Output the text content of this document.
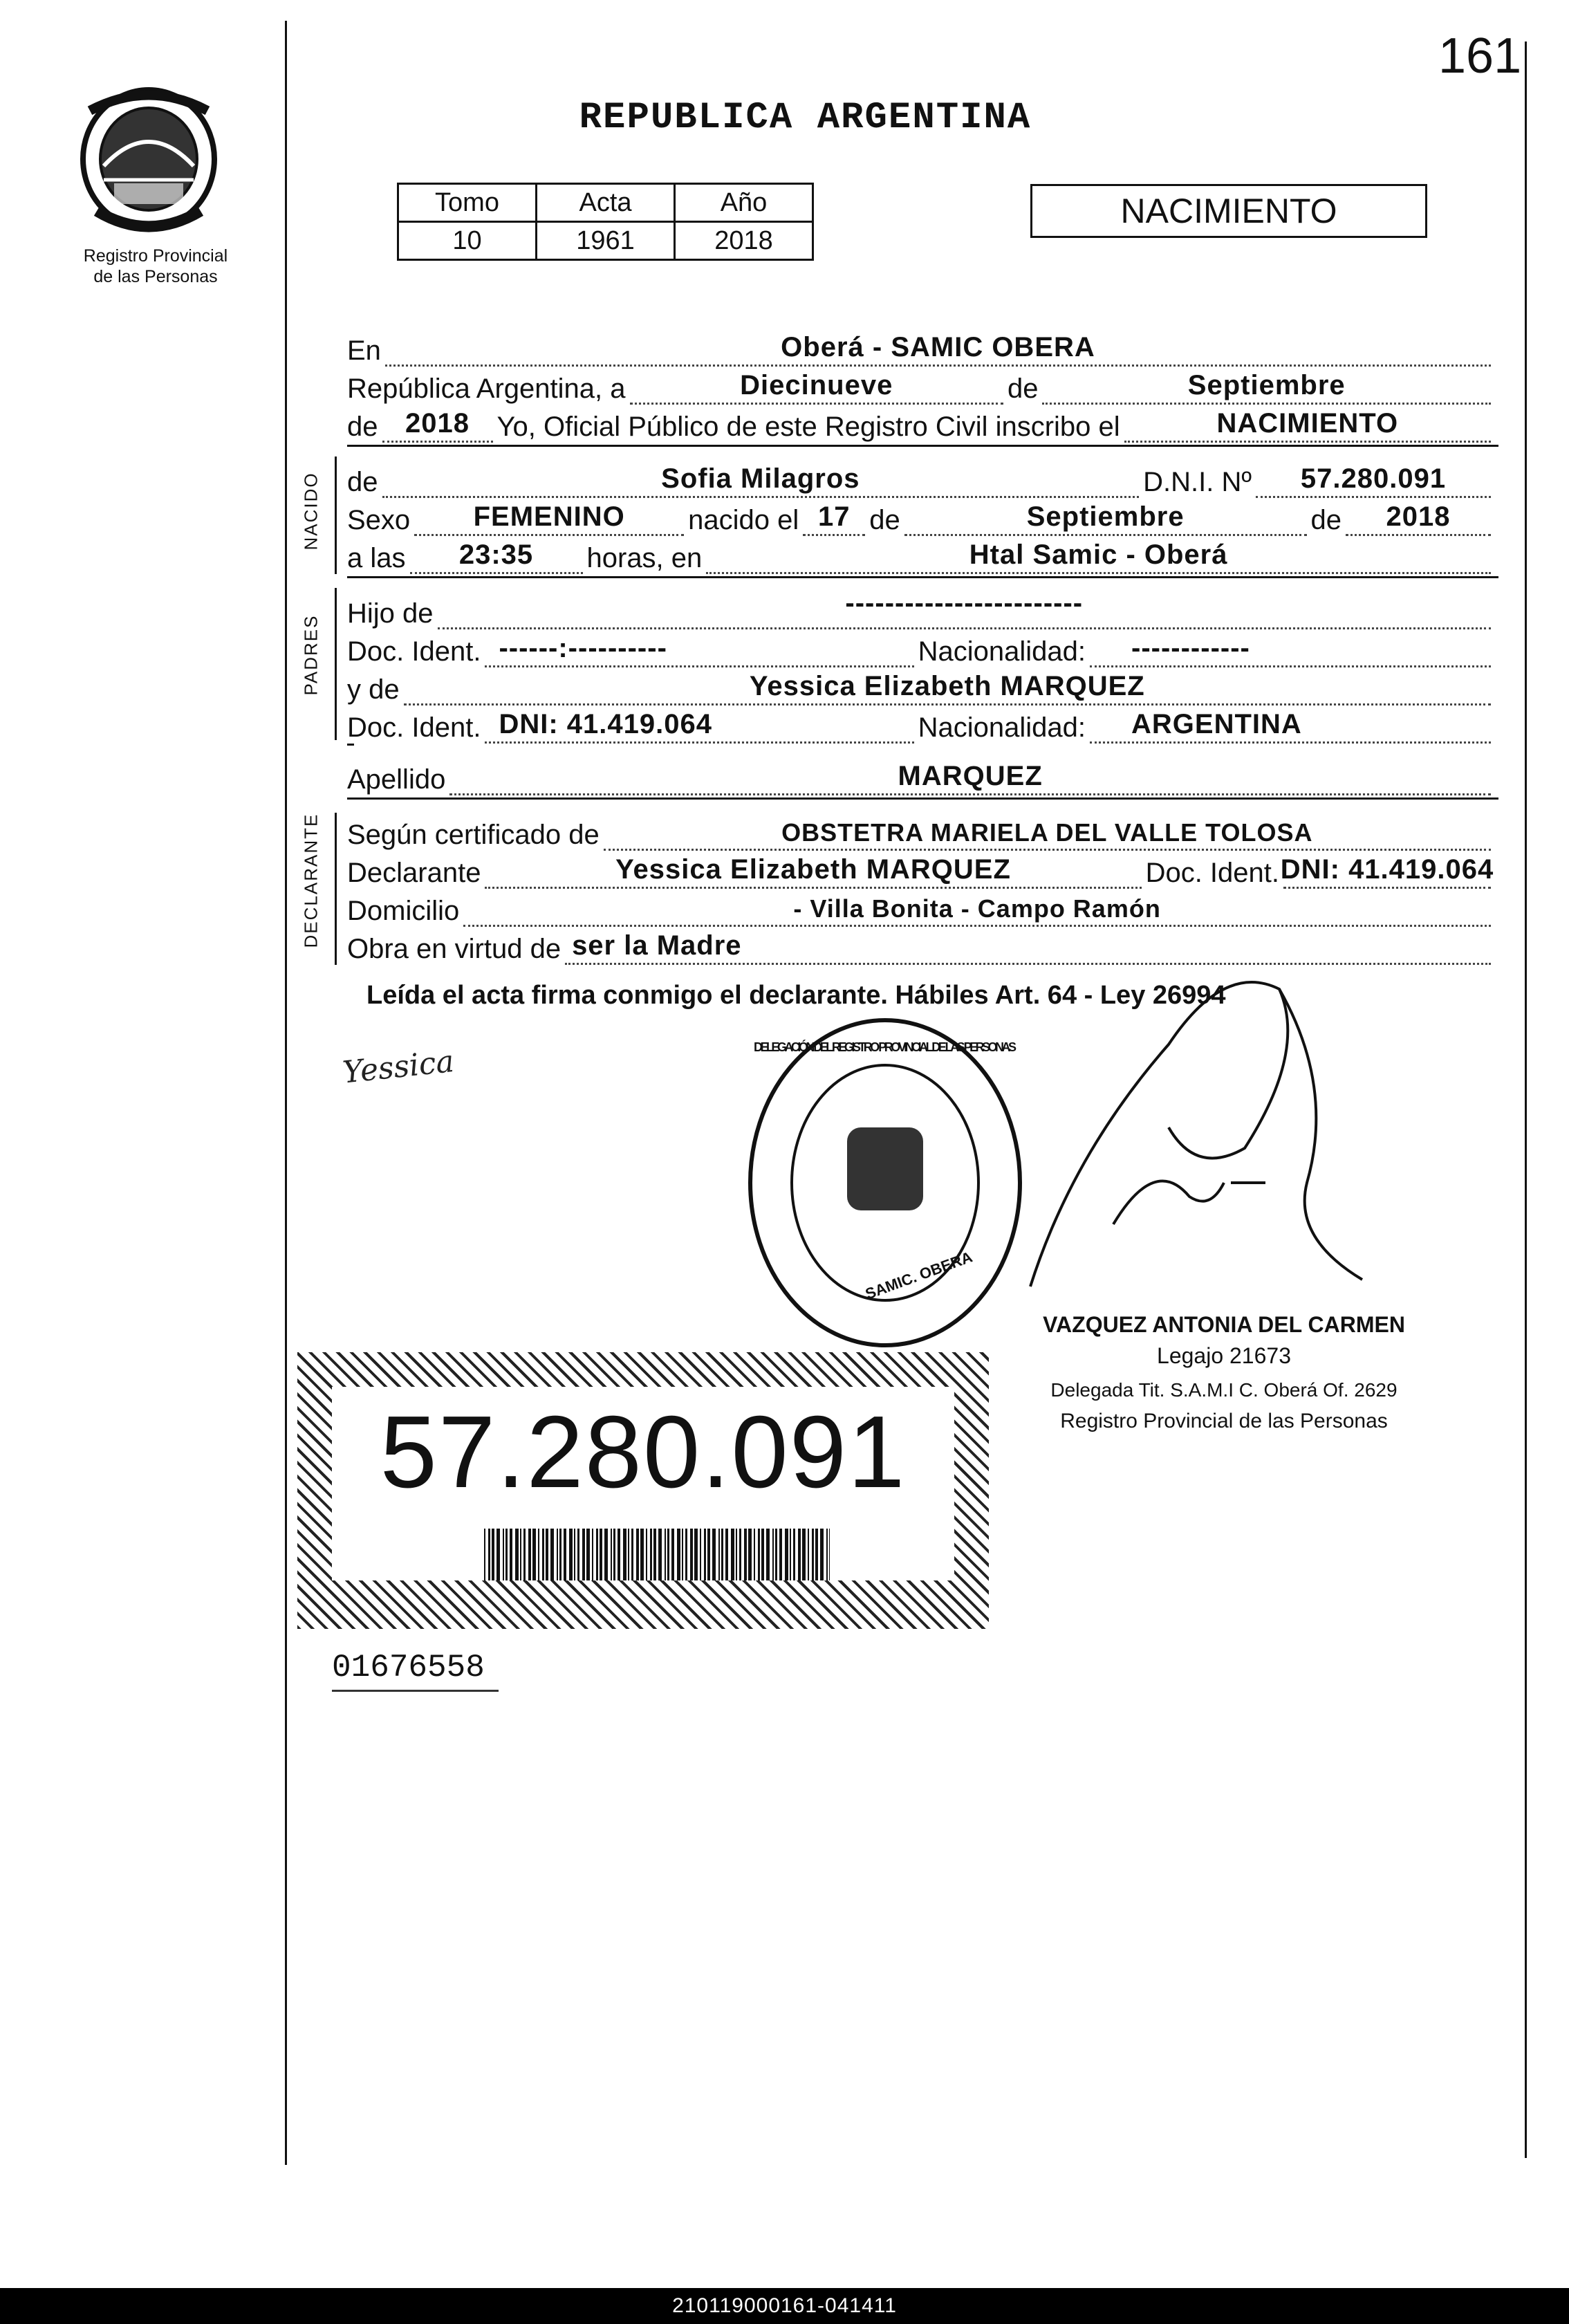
Registro Provincial
de las Personas
161
REPUBLICA ARGENTINA
Tomo	Acta	Año
10	1961	2018
NACIMIENTO
En	Oberá - SAMIC OBERA
República Argentina, a	Diecinueve	de	Septiembre
de 2018 Yo, Oficial Público de este Registro Civil inscribo el	NACIMIENTO
NACIDO de	Sofia Milagros	D.N.I. Nº 57.280.091
Sexo FEMENINO nacido el 17 de	Septiembre	de 2018
a las 23:35 horas, en	Htal Samic - Oberá
PADRES
Hijo de	------------------------
Doc. Ident. ------:----------	Nacionalidad: ------------
y de	Yessica Elizabeth MARQUEZ
Doc. Ident. DNI: 41.419.064	Nacionalidad: ARGENTINA
Apellido	MARQUEZ
DECLARANTE Según certificado de	OBSTETRA MARIELA DEL VALLE TOLOSA
Declarante	Yessica Elizabeth MARQUEZ	Doc. Ident. DNI: 41.419.064
Domicilio	- Villa Bonita - Campo Ramón
Obra en virtud de ser la Madre
Leída el acta firma conmigo el declarante. Hábiles Art. 64 - Ley 26994
Yessica
SAMIC. OBERA
DELEGACIÓN DEL REGISTRO PROVINCIAL DE LAS PERSONAS
VAZQUEZ ANTONIA DEL CARMEN
Legajo 21673
Delegada Tit. S.A.M.I C. Oberá Of. 2629
Registro Provincial de las Personas
57.280.091
01676558
210119000161-041411
